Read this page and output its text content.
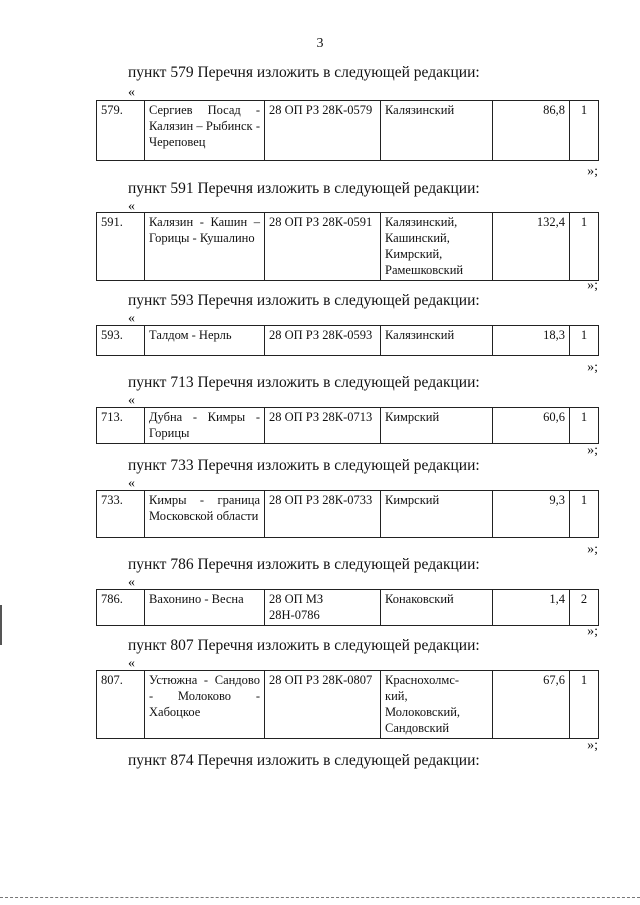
3
пункт 579 Перечня изложить в следующей редакции:
«
579.	Сергиев Посад - Калязин – Рыбинск - Череповец	28 ОП РЗ 28К-0579	Калязинский	86,8	1
»;
пункт 591 Перечня изложить в следующей редакции:
«
591.	Калязин - Кашин – Горицы - Кушалино	28 ОП РЗ 28К-0591	Калязинский,
Кашинский,
Кимрский,
Рамешковский	132,4	1
»;
пункт 593 Перечня изложить в следующей редакции:
«
593.	Талдом - Нерль	28 ОП РЗ 28К-0593	Калязинский	18,3	1
»;
пункт 713 Перечня изложить в следующей редакции:
«
713.	Дубна - Кимры - Горицы	28 ОП РЗ 28К-0713	Кимрский	60,6	1
»;
пункт 733 Перечня изложить в следующей редакции:
«
733.	Кимры - граница Московской области	28 ОП РЗ 28К-0733	Кимрский	9,3	1
»;
пункт 786 Перечня изложить в следующей редакции:
«
786.	Вахонино - Весна	28 ОП МЗ 28Н-0786	Конаковский	1,4	2
»;
пункт 807 Перечня изложить в следующей редакции:
«
807.	Устюжна - Сандово - Молоково - Хабоцкое	28 ОП РЗ 28К-0807	Краснохолмс-
кий,
Молоковский,
Сандовский	67,6	1
»;
пункт 874 Перечня изложить в следующей редакции:
